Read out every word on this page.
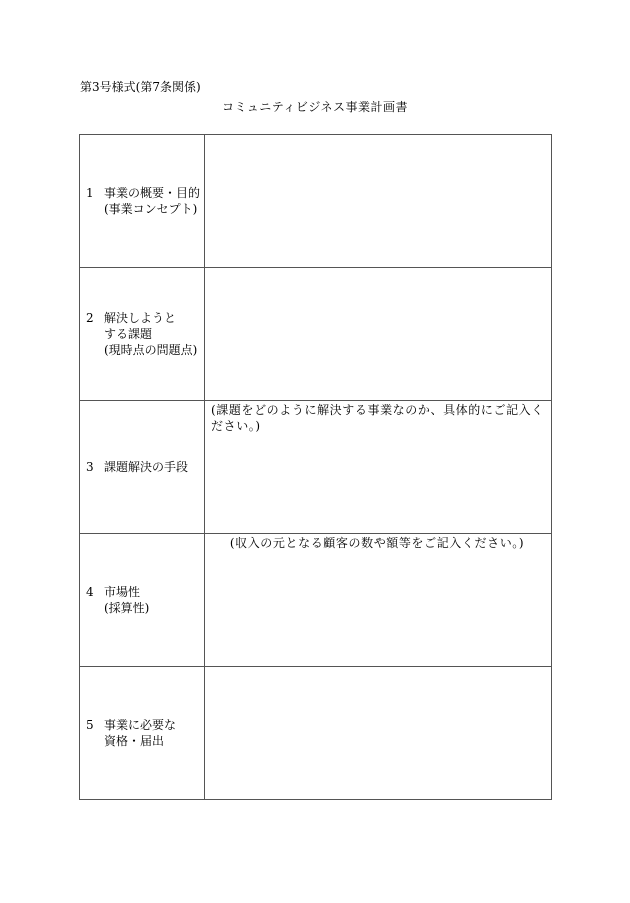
第3号様式(第7条関係)
コミュニティビジネス事業計画書
1 事業の概要・目的
(事業コンセプト)	

2 解決しようと
する課題
(現時点の問題点)	

3 課題解決の手段	(課題をどのように解決する事業なのか、具体的にご記入ください。)

4 市場性
(採算性)	(収入の元となる顧客の数や額等をご記入ください。)

5 事業に必要な
資格・届出	
